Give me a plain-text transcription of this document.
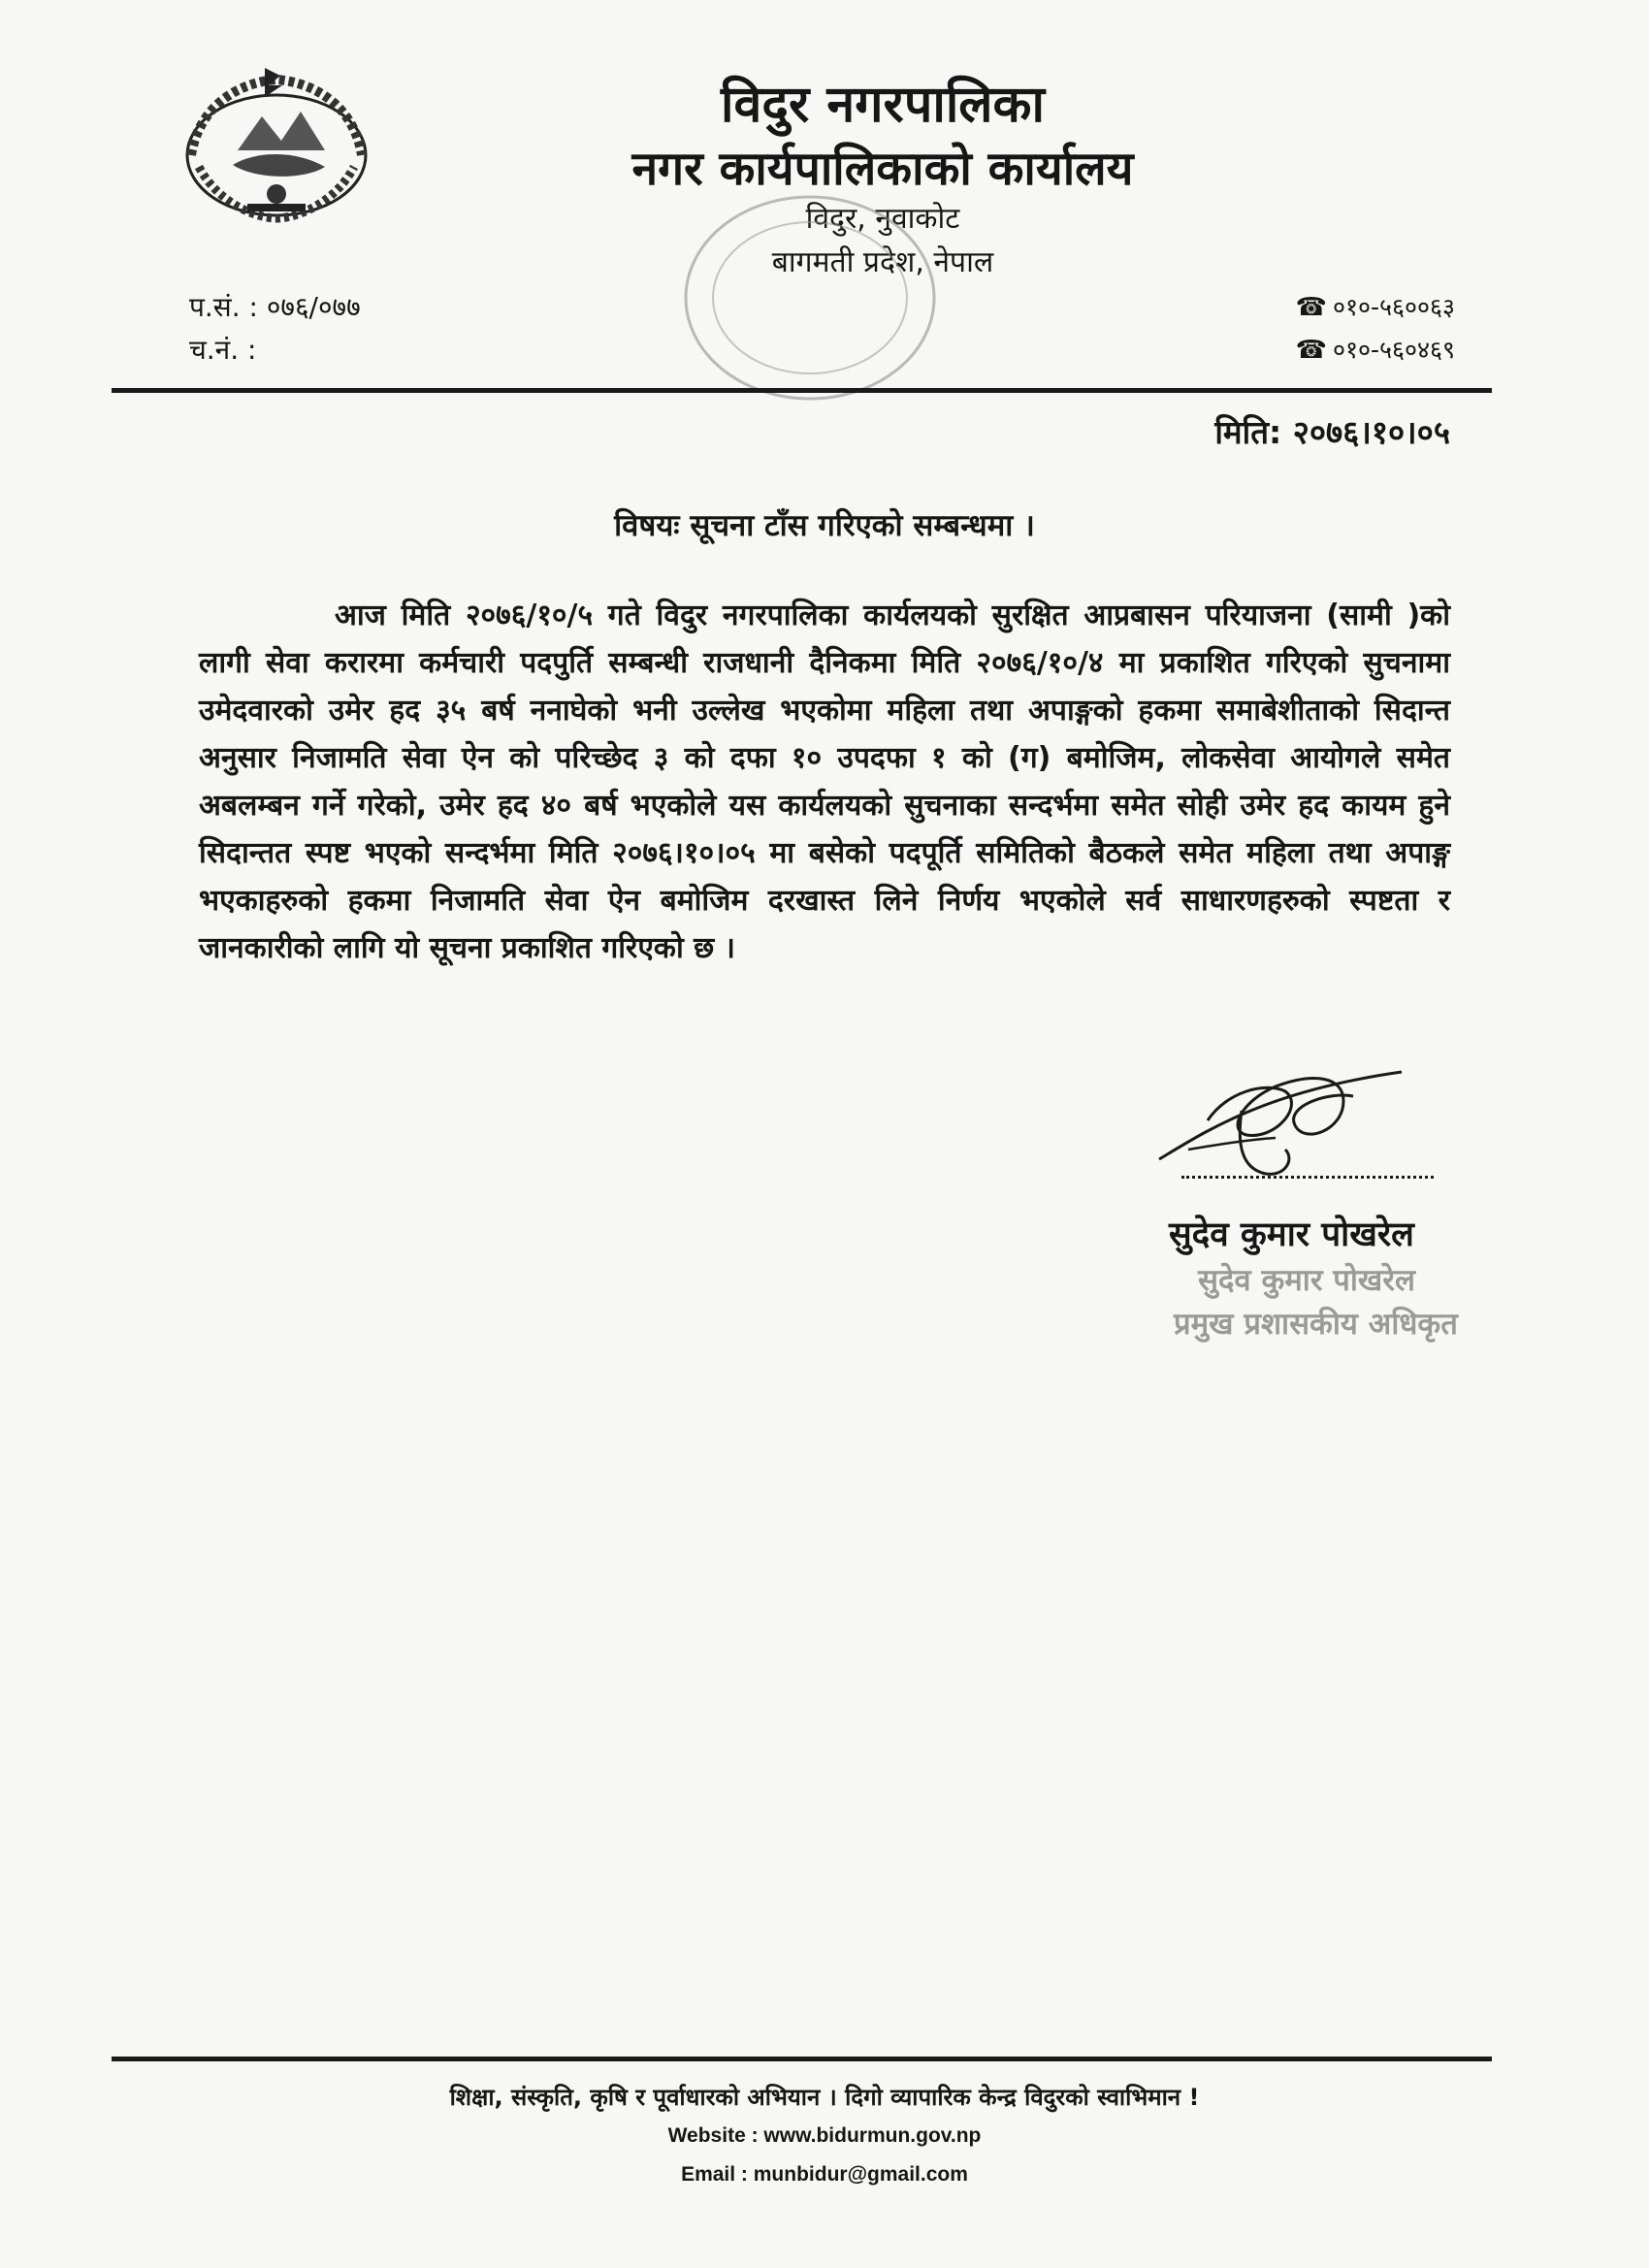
विदुर नगरपालिका
नगर कार्यपालिकाको कार्यालय
विदुर, नुवाकोट
बागमती प्रदेश, नेपाल
प.सं. : ०७६/०७७
च.नं. :
☎ ०१०-५६००६३
☎ ०१०-५६०४६९
मिति: २०७६।१०।०५
विषयः सूचना टाँस गरिएको सम्बन्धमा ।

आज मिति २०७६/१०/५ गते विदुर नगरपालिका कार्यलयको सुरक्षित आप्रबासन परियाजना (सामी )को लागी सेवा करारमा कर्मचारी पदपुर्ति सम्बन्धी राजधानी दैनिकमा मिति २०७६/१०/४ मा प्रकाशित गरिएको सुचनामा उमेदवारको उमेर हद ३५ बर्ष ननाघेको भनी उल्लेख भएकोमा महिला तथा अपाङ्गको हकमा समाबेशीताको सिदान्त अनुसार निजामति सेवा ऐन को परिच्छेद ३ को दफा १० उपदफा १ को (ग) बमोजिम, लोकसेवा आयोगले समेत अबलम्बन गर्ने गरेको, उमेर हद ४० बर्ष भएकोले यस कार्यलयको सुचनाका सन्दर्भमा समेत सोही उमेर हद कायम हुने सिदान्तत स्पष्ट भएको सन्दर्भमा मिति २०७६।१०।०५ मा बसेको पदपूर्ति समितिको बैठकले समेत महिला तथा अपाङ्ग भएकाहरुको हकमा निजामति सेवा ऐन बमोजिम दरखास्त लिने निर्णय भएकोले सर्व साधारणहरुको स्पष्टता र जानकारीको लागि यो सूचना प्रकाशित गरिएको छ ।

सुदेव कुमार पोखरेल
सुदेव कुमार पोखरेल
प्रमुख प्रशासकीय अधिकृत
शिक्षा, संस्कृति, कृषि र पूर्वाधारको अभियान । दिगो व्यापारिक केन्द्र विदुरको स्वाभिमान !
Website : www.bidurmun.gov.np
Email : munbidur@gmail.com
